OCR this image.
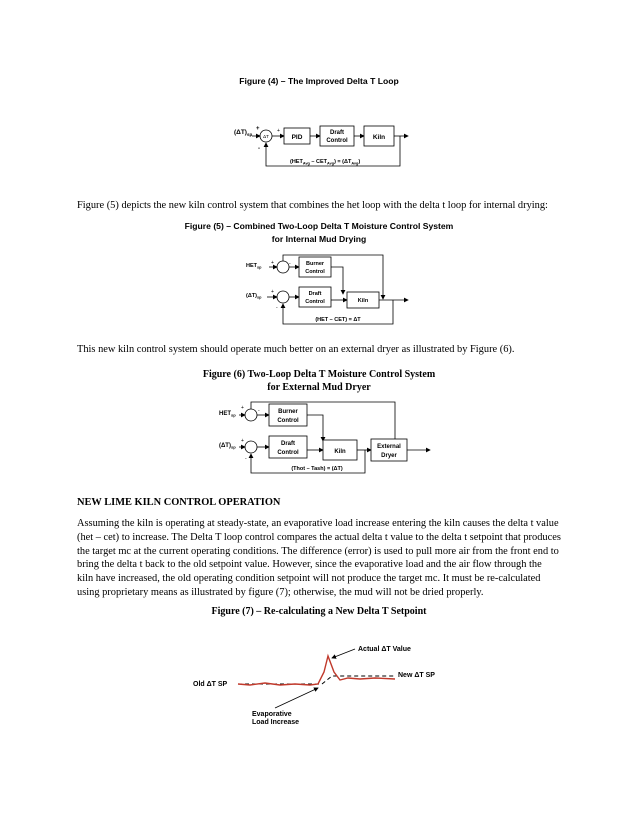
Figure (4) – The Improved Delta T Loop
$(\Delta T)_{sp}$
+
ΔT
-
+
PID
Draft
Control	Kiln
$(HET_{Avg} - CET_{Avg}) = (\Delta T_{Avg})$
Figure (5) depicts the new kiln control system that combines the het loop with the delta t loop for internal drying:
Figure (5) – Combined Two-Loop Delta T Moisture Control System
for Internal Mud Drying
$HET_{sp}$
+	-	Burner
Control
$(\Delta T)_{sp}$
+
-
Draft
Control	Kiln
(HET – CET) = ΔT
This new kiln control system should operate much better on an external dryer as illustrated by Figure (6).
Figure (6) Two-Loop Delta T Moisture Control System
for External Mud Dryer
$HET_{sp}$
+	-	Burner
Control
$(\Delta T)_{sp}$
+
-
Draft
Control	Kiln
External
Dryer
(Thot – Tash) = (ΔT)
NEW LIME KILN CONTROL OPERATION
Assuming the kiln is operating at steady-state, an evaporative load increase entering the kiln causes the delta t value
(het – cet) to increase. The Delta T loop control compares the actual delta t value to the delta t setpoint that produces
the target mc at the current operating conditions. The difference (error) is used to pull more air from the front end to
bring the delta t back to the old setpoint value. However, since the evaporative load and the air flow through the
kiln have increased, the old operating condition setpoint will not produce the target mc. It must be re-calculated
using proprietary means as illustrated by figure (7); otherwise, the mud will not be dried properly.
Figure (7) – Re-calculating a New Delta T Setpoint
Actual ΔT Value
New ΔT SP
Old ΔT SP
Evaporative
Load Increase
